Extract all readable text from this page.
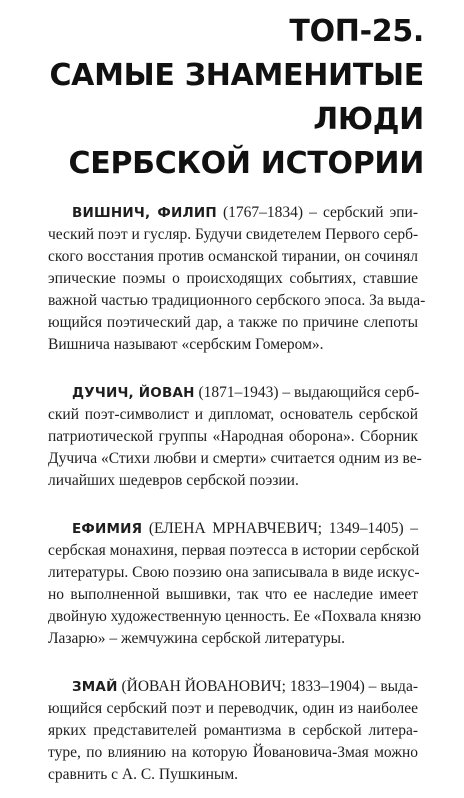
ТОП-25.
САМЫЕ ЗНАМЕНИТЫЕ
ЛЮДИ
СЕРБСКОЙ ИСТОРИИ

ВИШНИЧ, ФИЛИП (1767–1834) – сербский эпи-
ческий поэт и гусляр. Будучи свидетелем Первого серб-
ского восстания против османской тирании, он сочинял
эпические поэмы о происходящих событиях, ставшие
важной частью традиционного сербского эпоса. За выда-
ющийся поэтический дар, а также по причине слепоты
Вишнича называют «сербским Гомером».

ДУЧИЧ, ЙОВАН (1871–1943) – выдающийся серб-
ский поэт-символист и дипломат, основатель сербской
патриотической группы «Народная оборона». Сборник
Дучича «Стихи любви и смерти» считается одним из ве-
личайших шедевров сербской поэзии.

ЕФИМИЯ (ЕЛЕНА МРНАВЧЕВИЧ; 1349–1405) –
сербская монахиня, первая поэтесса в истории сербской
литературы. Свою поэзию она записывала в виде искус-
но выполненной вышивки, так что ее наследие имеет
двойную художественную ценность. Ее «Похвала князю
Лазарю» – жемчужина сербской литературы.

ЗМАЙ (ЙОВАН ЙОВАНОВИЧ; 1833–1904) – выда-
ющийся сербский поэт и переводчик, один из наиболее
ярких представителей романтизма в сербской литера-
туре, по влиянию на которую Йовановича-Змая можно
сравнить с А. С. Пушкиным.
